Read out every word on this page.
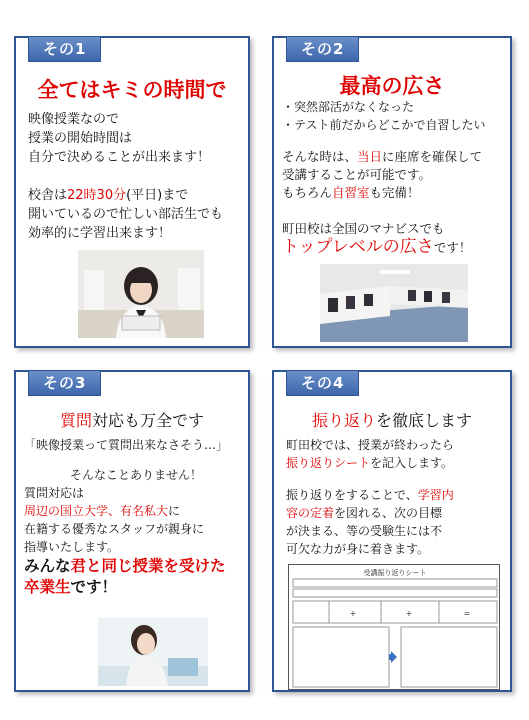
その1
全てはキミの時間で
映像授業なので
授業の開始時間は
自分で決めることが出来ます！
校舎は22時30分(平日)まで
開いているので忙しい部活生でも
効率的に学習出来ます！
その2
最高の広さ
・突然部活がなくなった
・テスト前だからどこかで自習したい
そんな時は、当日に座席を確保して
受講することが可能です。
もちろん自習室も完備！
町田校は全国のマナビスでも
トップレベルの広さです！
その3
質問対応も万全です
「映像授業って質問出来なさそう…」
そんなことありません！
質問対応は
周辺の国立大学、有名私大に
在籍する優秀なスタッフが親身に
指導いたします。
みんな君と同じ授業を受けた
卒業生です！
その4
振り返りを徹底します
町田校では、授業が終わったら
振り返りシートを記入します。
振り返りをすることで、学習内
容の定着を図れる、次の目標
が決まる、等の受験生には不
可欠な力が身に着きます。
受講振り返りシート
+	+	=
